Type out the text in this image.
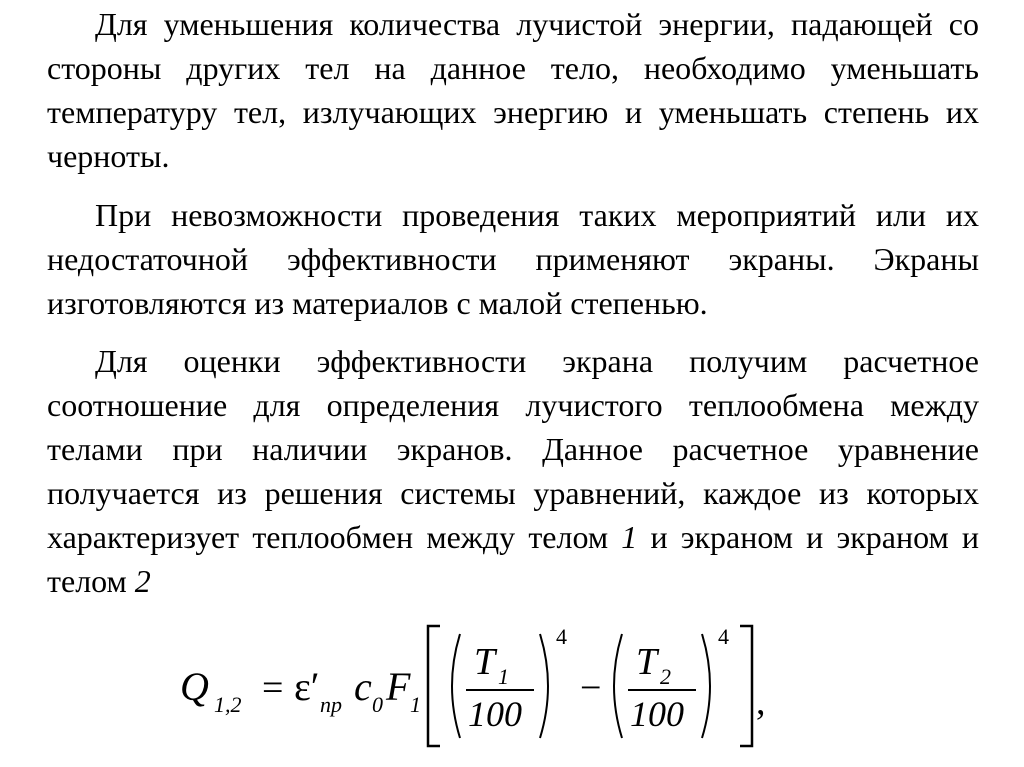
Для уменьшения количества лучистой энергии, падающей со стороны других тел на данное тело, необходимо уменьшать температуру тел, излучающих энергию и уменьшать степень их черноты.

При невозможности проведения таких мероприятий или их недостаточной эффективности применяют экраны. Экраны изготовляются из материалов с малой степенью.

Для оценки эффективности экрана получим расчетное соотношение для определения лучистого теплообмена между телами при наличии экранов. Данное расчетное уравнение получается из решения системы уравнений, каждое из которых характеризует теплообмен между телом 1 и экраном и экраном и телом 2

Q 1,2 = ε′ пр c 0 F 1
T 1
100
4
−
T 2
100
4
,
